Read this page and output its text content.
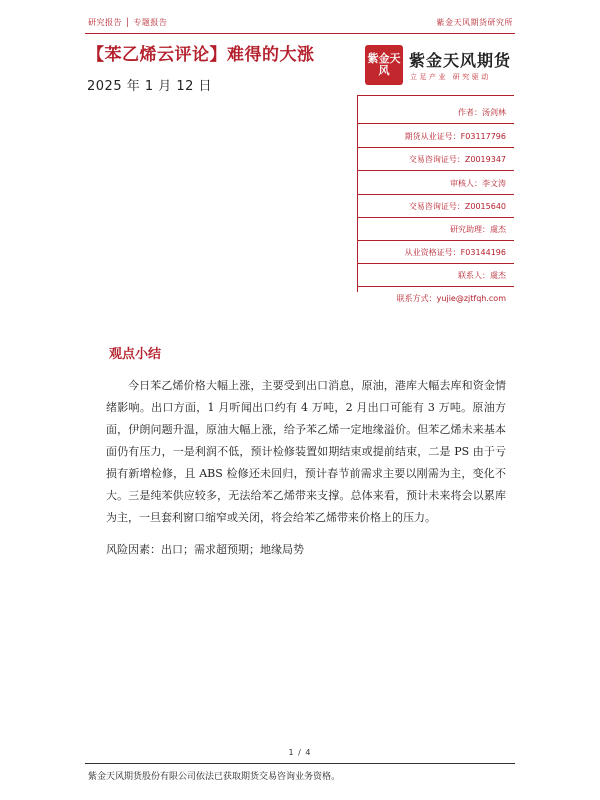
研究报告 │ 专题报告	紫金天风期货研究所
【苯乙烯云评论】难得的大涨
2025 年 1 月 12 日
紫金天风
紫金天风期货
立足产业 研究驱动
作者：汤剑林
期货从业证号：F03117796
交易咨询证号：Z0019347
审核人：李文涛
交易咨询证号：Z0015640
研究助理：虞杰
从业资格证号：F03144196
联系人：虞杰
联系方式：yujie@zjtfqh.com
观点小结

今日苯乙烯价格大幅上涨，主要受到出口消息，原油，港库大幅去库和资金情绪影响。出口方面，1 月听闻出口约有 4 万吨，2 月出口可能有 3 万吨。原油方面，伊朗问题升温，原油大幅上涨，给予苯乙烯一定地缘溢价。但苯乙烯未来基本面仍有压力，一是利润不低，预计检修装置如期结束或提前结束，二是 PS 由于亏损有新增检修，且 ABS 检修还未回归，预计春节前需求主要以刚需为主，变化不大。三是纯苯供应较多，无法给苯乙烯带来支撑。总体来看，预计未来将会以累库为主，一旦套利窗口缩窄或关闭，将会给苯乙烯带来价格上的压力。

风险因素：出口；需求超预期；地缘局势
1 / 4
紫金天风期货股份有限公司依法已获取期货交易咨询业务资格。
